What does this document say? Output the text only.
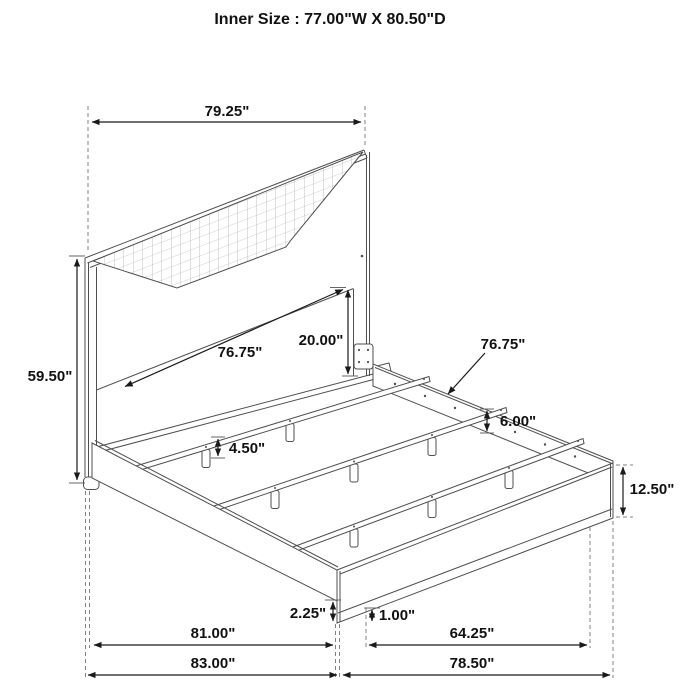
Inner Size : 77.00"W X 80.50"D
79.25"
59.50"
76.75"
20.00"	76.75"
6.00"
12.50"
4.50"
2.25"	1.00"
81.00"	64.25"
83.00"	78.50"
